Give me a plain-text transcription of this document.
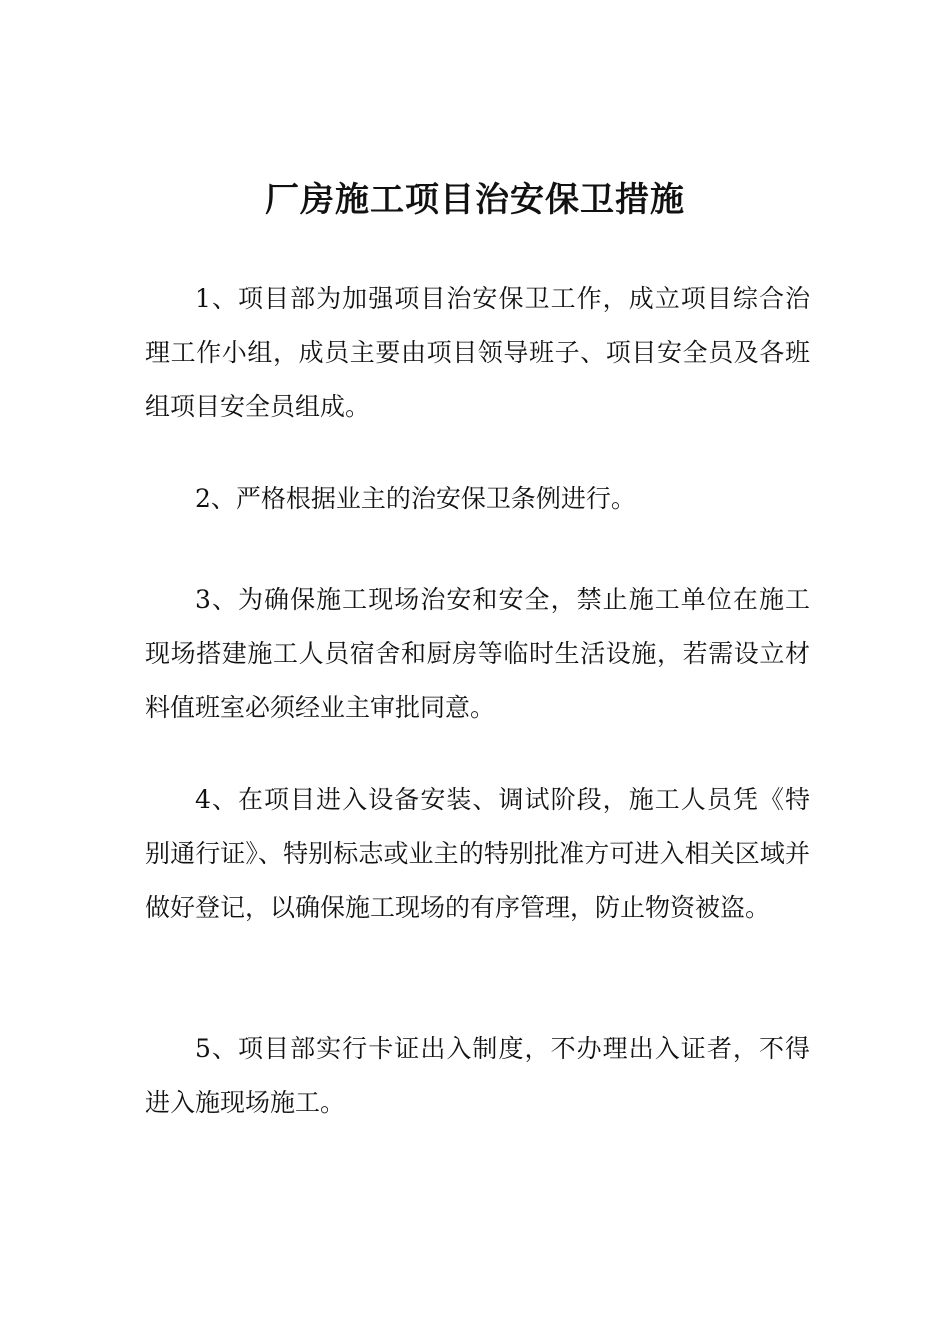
厂房施工项目治安保卫措施

1、项目部为加强项目治安保卫工作，成立项目综合治理工作小组，成员主要由项目领导班子、项目安全员及各班组项目安全员组成。

2、严格根据业主的治安保卫条例进行。

3、为确保施工现场治安和安全，禁止施工单位在施工现场搭建施工人员宿舍和厨房等临时生活设施，若需设立材料值班室必须经业主审批同意。

4、在项目进入设备安装、调试阶段，施工人员凭《特别通行证》、特别标志或业主的特别批准方可进入相关区域并做好登记，以确保施工现场的有序管理，防止物资被盗。

5、项目部实行卡证出入制度，不办理出入证者，不得进入施现场施工。
